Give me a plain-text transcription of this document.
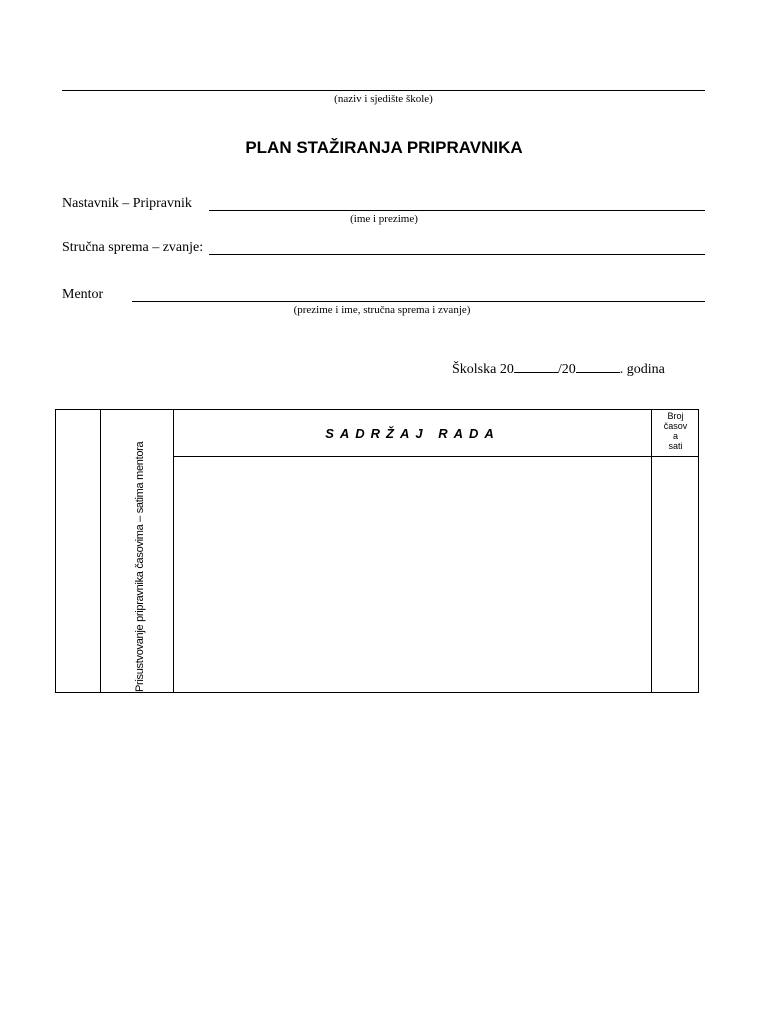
(naziv i sjedište škole)
PLAN STAŽIRANJA PRIPRAVNIKA
Nastavnik – Pripravnik
(ime i prezime)
Stručna sprema – zvanje:
Mentor
(prezime i ime, stručna sprema i zvanje)
Školska 20	/20	. godina
Prisustvovanje pripravnika časovima – satima mentora
SADRŽAJ RADA
Broj
časov
a
sati
